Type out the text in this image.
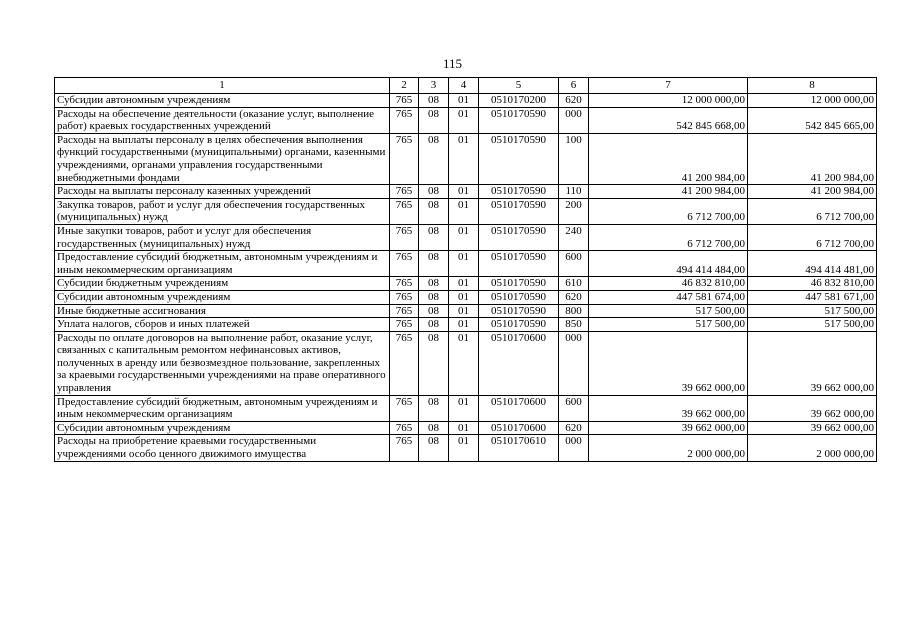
115
1	2	3	4	5	6	7	8
Субсидии автономным учреждениям	765	08	01	0510170200	620	12 000 000,00	12 000 000,00
Расходы на обеспечение деятельности (оказание услуг, выполнение работ) краевых государственных учреждений	765	08	01	0510170590	000	542 845 668,00	542 845 665,00
Расходы на выплаты персоналу в целях обеспечения выполнения функций государственными (муниципальными) органами, казенными учреждениями, органами управления государственными внебюджетными фондами	765	08	01	0510170590	100	41 200 984,00	41 200 984,00
Расходы на выплаты персоналу казенных учреждений	765	08	01	0510170590	110	41 200 984,00	41 200 984,00
Закупка товаров, работ и услуг для обеспечения государственных (муниципальных) нужд	765	08	01	0510170590	200	6 712 700,00	6 712 700,00
Иные закупки товаров, работ и услуг для обеспечения государственных (муниципальных) нужд	765	08	01	0510170590	240	6 712 700,00	6 712 700,00
Предоставление субсидий бюджетным, автономным учреждениям и иным некоммерческим организациям	765	08	01	0510170590	600	494 414 484,00	494 414 481,00
Субсидии бюджетным учреждениям	765	08	01	0510170590	610	46 832 810,00	46 832 810,00
Субсидии автономным учреждениям	765	08	01	0510170590	620	447 581 674,00	447 581 671,00
Иные бюджетные ассигнования	765	08	01	0510170590	800	517 500,00	517 500,00
Уплата налогов, сборов и иных платежей	765	08	01	0510170590	850	517 500,00	517 500,00
Расходы по оплате договоров на выполнение работ, оказание услуг, связанных с капитальным ремонтом нефинансовых активов, полученных в аренду или безвозмездное пользование, закрепленных за краевыми государственными учреждениями на праве оперативного управления	765	08	01	0510170600	000	39 662 000,00	39 662 000,00
Предоставление субсидий бюджетным, автономным учреждениям и иным некоммерческим организациям	765	08	01	0510170600	600	39 662 000,00	39 662 000,00
Субсидии автономным учреждениям	765	08	01	0510170600	620	39 662 000,00	39 662 000,00
Расходы на приобретение краевыми государственными учреждениями особо ценного движимого имущества	765	08	01	0510170610	000	2 000 000,00	2 000 000,00
